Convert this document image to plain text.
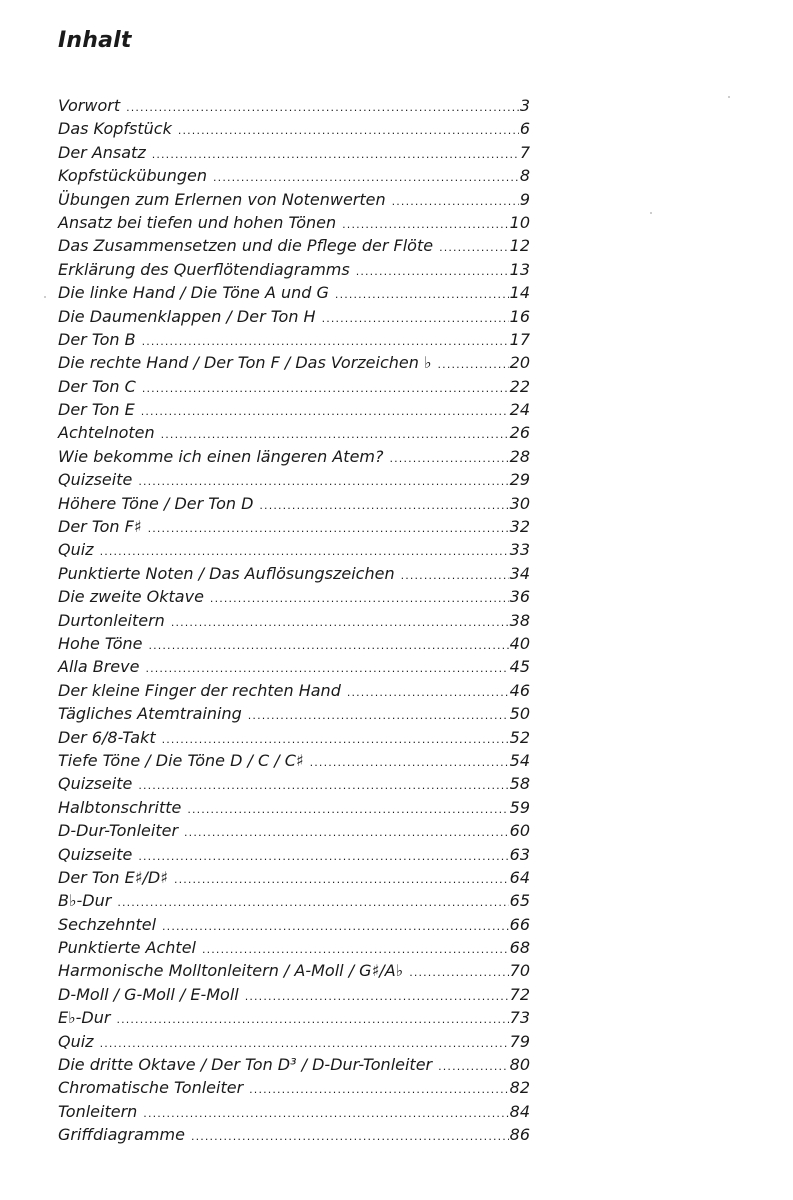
Inhalt
Vorwort .....	3
Das Kopfstück .....	6
Der Ansatz .....	7
Kopfstückübungen .....	8
Übungen zum Erlernen von Notenwerten .....	9
Ansatz bei tiefen und hohen Tönen .....	10
Das Zusammensetzen und die Pflege der Flöte .....	12
Erklärung des Querflötendiagramms .....	13
Die linke Hand / Die Töne A und G .....	14
Die Daumenklappen / Der Ton H .....	16
Der Ton B .....	17
Die rechte Hand / Der Ton F / Das Vorzeichen ♭ .....	20
Der Ton C .....	22
Der Ton E .....	24
Achtelnoten .....	26
Wie bekomme ich einen längeren Atem? .....	28
Quizseite .....	29
Höhere Töne / Der Ton D .....	30
Der Ton F♯ .....	32
Quiz .....	33
Punktierte Noten / Das Auflösungszeichen .....	34
Die zweite Oktave .....	36
Durtonleitern .....	38
Hohe Töne .....	40
Alla Breve .....	45
Der kleine Finger der rechten Hand .....	46
Tägliches Atemtraining .....	50
Der 6/8-Takt .....	52
Tiefe Töne / Die Töne D / C / C♯ .....	54
Quizseite .....	58
Halbtonschritte .....	59
D-Dur-Tonleiter .....	60
Quizseite .....	63
Der Ton E♯/D♯ .....	64
B♭-Dur .....	65
Sechzehntel .....	66
Punktierte Achtel .....	68
Harmonische Molltonleitern / A-Moll / G♯/A♭ .....	70
D-Moll / G-Moll / E-Moll .....	72
E♭-Dur .....	73
Quiz .....	79
Die dritte Oktave / Der Ton D³ / D-Dur-Tonleiter .....	80
Chromatische Tonleiter .....	82
Tonleitern .....	84
Griffdiagramme .....	86
